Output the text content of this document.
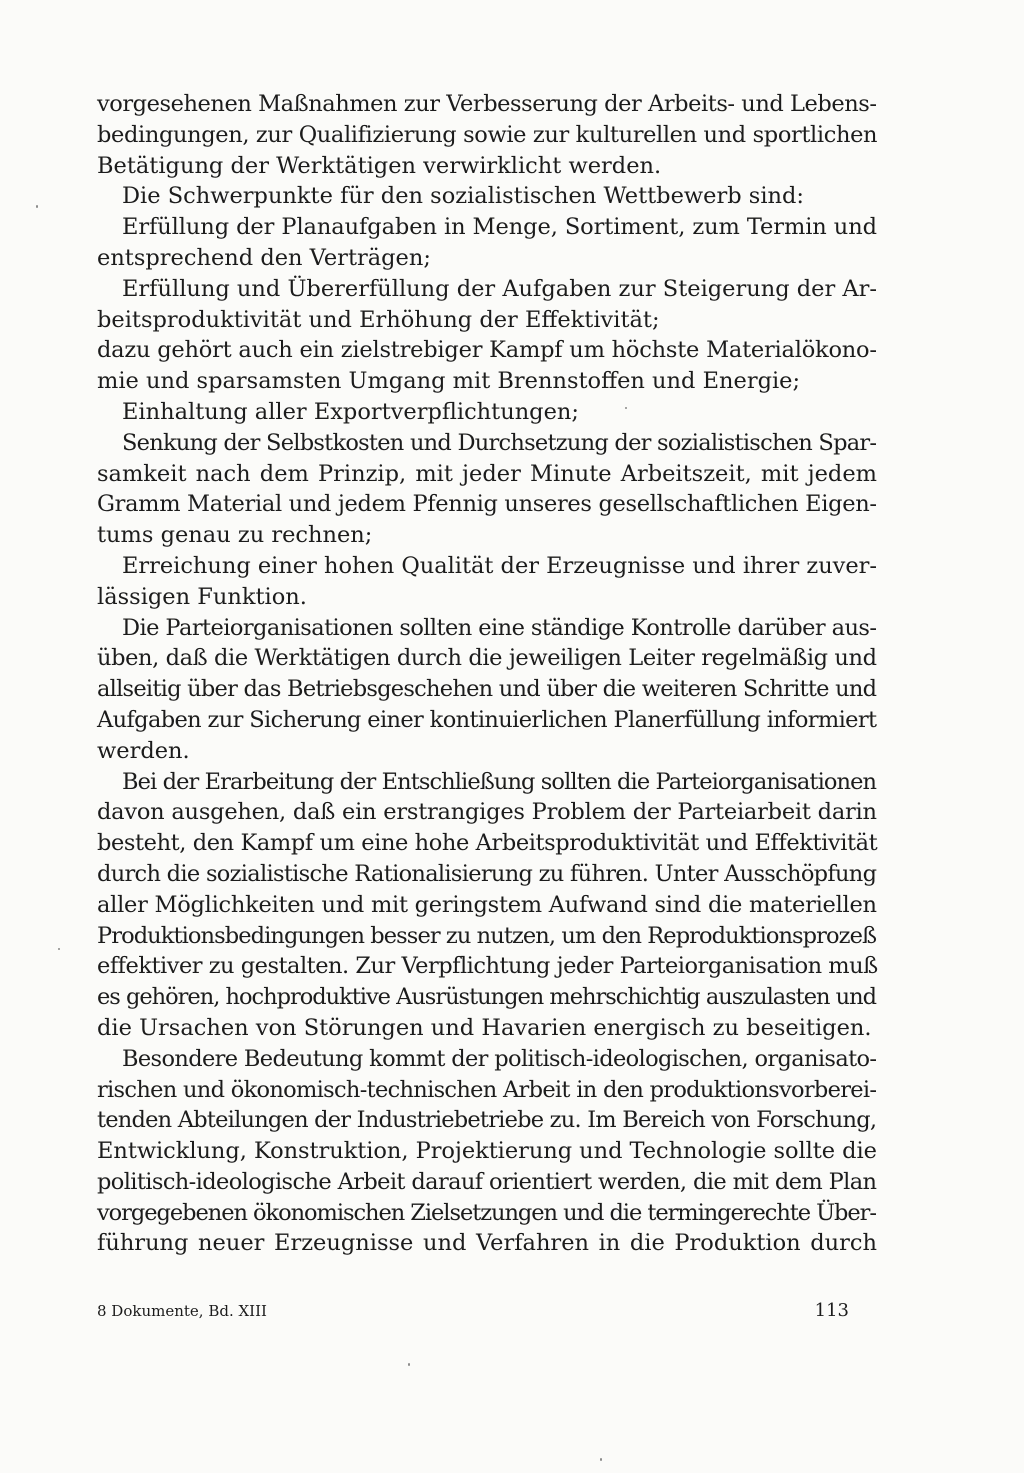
vorgesehenen Maßnahmen zur Verbesserung der Arbeits- und Lebens-
bedingungen, zur Qualifizierung sowie zur kulturellen und sportlichen
Betätigung der Werktätigen verwirklicht werden.
Die Schwerpunkte für den sozialistischen Wettbewerb sind:
Erfüllung der Planaufgaben in Menge, Sortiment, zum Termin und
entsprechend den Verträgen;
Erfüllung und Übererfüllung der Aufgaben zur Steigerung der Ar-
beitsproduktivität und Erhöhung der Effektivität;
dazu gehört auch ein zielstrebiger Kampf um höchste Materialökono-
mie und sparsamsten Umgang mit Brennstoffen und Energie;
Einhaltung aller Exportverpflichtungen;
Senkung der Selbstkosten und Durchsetzung der sozialistischen Spar-
samkeit nach dem Prinzip, mit jeder Minute Arbeitszeit, mit jedem
Gramm Material und jedem Pfennig unseres gesellschaftlichen Eigen-
tums genau zu rechnen;
Erreichung einer hohen Qualität der Erzeugnisse und ihrer zuver-
lässigen Funktion.
Die Parteiorganisationen sollten eine ständige Kontrolle darüber aus-
üben, daß die Werktätigen durch die jeweiligen Leiter regelmäßig und
allseitig über das Betriebsgeschehen und über die weiteren Schritte und
Aufgaben zur Sicherung einer kontinuierlichen Planerfüllung informiert
werden.
Bei der Erarbeitung der Entschließung sollten die Parteiorganisationen
davon ausgehen, daß ein erstrangiges Problem der Parteiarbeit darin
besteht, den Kampf um eine hohe Arbeitsproduktivität und Effektivität
durch die sozialistische Rationalisierung zu führen. Unter Ausschöpfung
aller Möglichkeiten und mit geringstem Aufwand sind die materiellen
Produktionsbedingungen besser zu nutzen, um den Reproduktionsprozeß
effektiver zu gestalten. Zur Verpflichtung jeder Parteiorganisation muß
es gehören, hochproduktive Ausrüstungen mehrschichtig auszulasten und
die Ursachen von Störungen und Havarien energisch zu beseitigen.
Besondere Bedeutung kommt der politisch-ideologischen, organisato-
rischen und ökonomisch-technischen Arbeit in den produktionsvorberei-
tenden Abteilungen der Industriebetriebe zu. Im Bereich von Forschung,
Entwicklung, Konstruktion, Projektierung und Technologie sollte die
politisch-ideologische Arbeit darauf orientiert werden, die mit dem Plan
vorgegebenen ökonomischen Zielsetzungen und die termingerechte Über-
führung neuer Erzeugnisse und Verfahren in die Produktion durch
8 Dokumente, Bd. XIII	113
